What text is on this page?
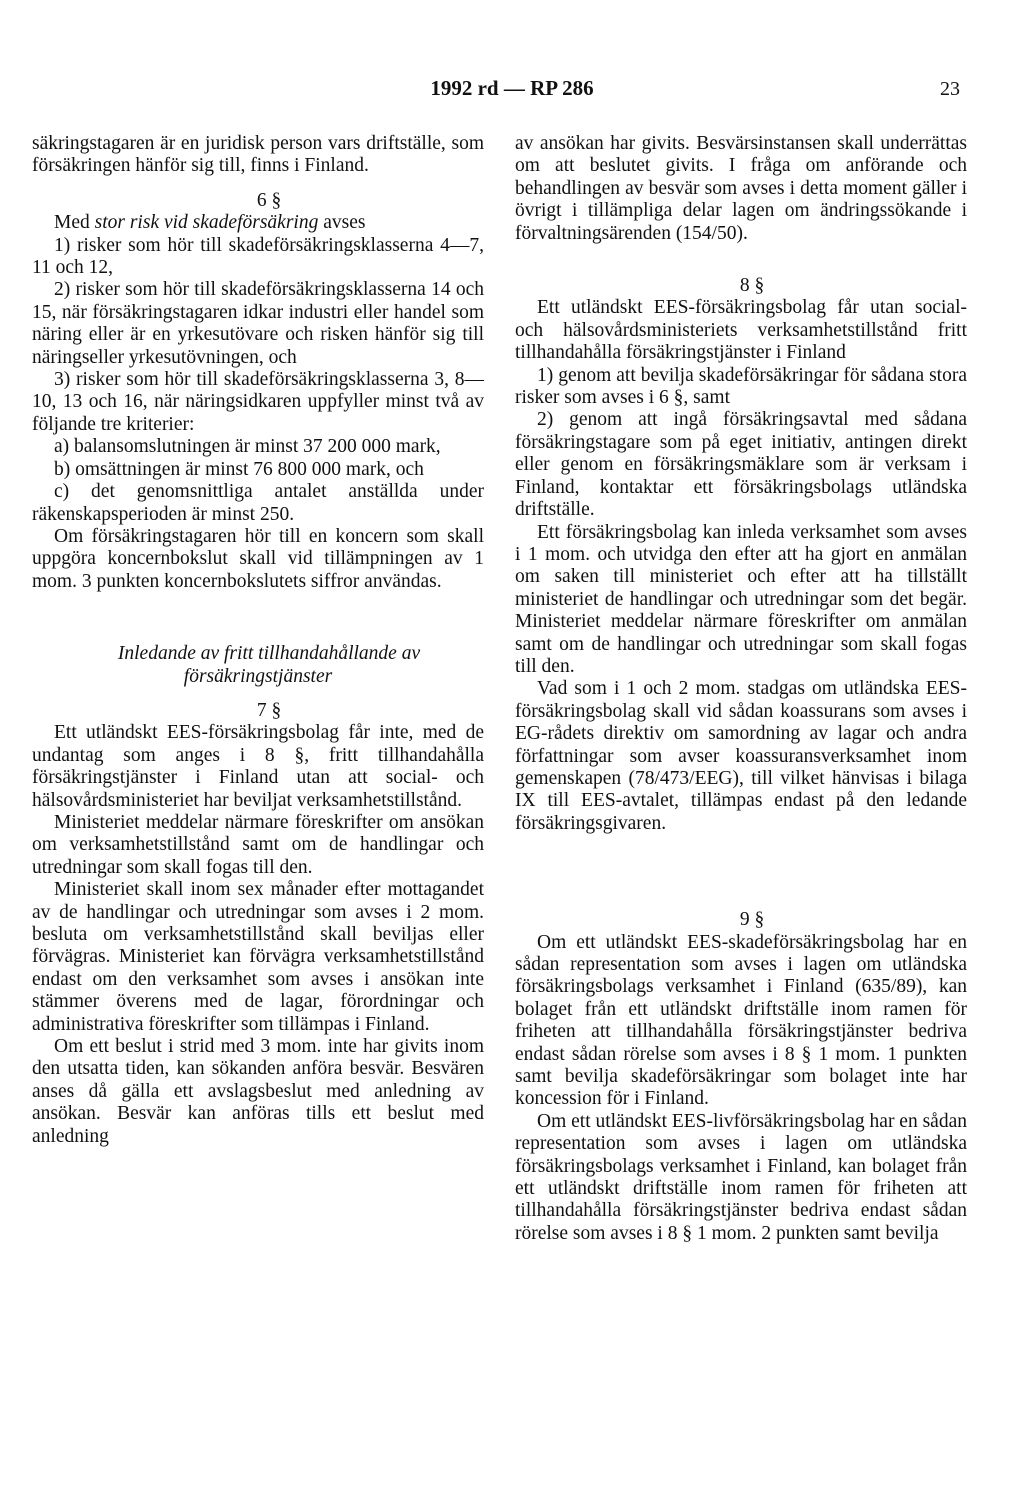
1992 rd — RP 286	23

säkringstagaren är en juridisk person vars driftställe, som försäkringen hänför sig till, finns i Finland.

6 §

Med stor risk vid skadeförsäkring avses

1) risker som hör till skadeförsäkringsklasserna 4—7, 11 och 12,

2) risker som hör till skadeförsäkringsklasserna 14 och 15, när försäkringstagaren idkar industri eller handel som näring eller är en yrkesutövare och risken hänför sig till näringseller yrkesutövningen, och

3) risker som hör till skadeförsäkringsklasserna 3, 8—10, 13 och 16, när näringsidkaren uppfyller minst två av följande tre kriterier:

a) balansomslutningen är minst 37 200 000 mark,

b) omsättningen är minst 76 800 000 mark, och

c) det genomsnittliga antalet anställda under räkenskapsperioden är minst 250.

Om försäkringstagaren hör till en koncern som skall uppgöra koncernbokslut skall vid tillämpningen av 1 mom. 3 punkten koncernbokslutets siffror användas.

Inledande av fritt tillhandahållande av försäkringstjänster

7 §

Ett utländskt EES-försäkringsbolag får inte, med de undantag som anges i 8 §, fritt tillhandahålla försäkringstjänster i Finland utan att social- och hälsovårdsministeriet har beviljat verksamhetstillstånd.

Ministeriet meddelar närmare föreskrifter om ansökan om verksamhetstillstånd samt om de handlingar och utredningar som skall fogas till den.

Ministeriet skall inom sex månader efter mottagandet av de handlingar och utredningar som avses i 2 mom. besluta om verksamhetstillstånd skall beviljas eller förvägras. Ministeriet kan förvägra verksamhetstillstånd endast om den verksamhet som avses i ansökan inte stämmer överens med de lagar, förordningar och administrativa föreskrifter som tillämpas i Finland.

Om ett beslut i strid med 3 mom. inte har givits inom den utsatta tiden, kan sökanden anföra besvär. Besvären anses då gälla ett avslagsbeslut med anledning av ansökan. Besvär kan anföras tills ett beslut med anledning

av ansökan har givits. Besvärsinstansen skall underrättas om att beslutet givits. I fråga om anförande och behandlingen av besvär som avses i detta moment gäller i övrigt i tillämpliga delar lagen om ändringssökande i förvaltningsärenden (154/50).

8 §

Ett utländskt EES-försäkringsbolag får utan social- och hälsovårdsministeriets verksamhetstillstånd fritt tillhandahålla försäkringstjänster i Finland

1) genom att bevilja skadeförsäkringar för sådana stora risker som avses i 6 §, samt

2) genom att ingå försäkringsavtal med sådana försäkringstagare som på eget initiativ, antingen direkt eller genom en försäkringsmäklare som är verksam i Finland, kontaktar ett försäkringsbolags utländska driftställe.

Ett försäkringsbolag kan inleda verksamhet som avses i 1 mom. och utvidga den efter att ha gjort en anmälan om saken till ministeriet och efter att ha tillställt ministeriet de handlingar och utredningar som det begär. Ministeriet meddelar närmare föreskrifter om anmälan samt om de handlingar och utredningar som skall fogas till den.

Vad som i 1 och 2 mom. stadgas om utländska EES-försäkringsbolag skall vid sådan koassurans som avses i EG-rådets direktiv om samordning av lagar och andra författningar som avser koassuransverksamhet inom gemenskapen (78/473/EEG), till vilket hänvisas i bilaga IX till EES-avtalet, tillämpas endast på den ledande försäkringsgivaren.

9 §

Om ett utländskt EES-skadeförsäkringsbolag har en sådan representation som avses i lagen om utländska försäkringsbolags verksamhet i Finland (635/89), kan bolaget från ett utländskt driftställe inom ramen för friheten att tillhandahålla försäkringstjänster bedriva endast sådan rörelse som avses i 8 § 1 mom. 1 punkten samt bevilja skadeförsäkringar som bolaget inte har koncession för i Finland.

Om ett utländskt EES-livförsäkringsbolag har en sådan representation som avses i lagen om utländska försäkringsbolags verksamhet i Finland, kan bolaget från ett utländskt driftställe inom ramen för friheten att tillhandahålla försäkringstjänster bedriva endast sådan rörelse som avses i 8 § 1 mom. 2 punkten samt bevilja
